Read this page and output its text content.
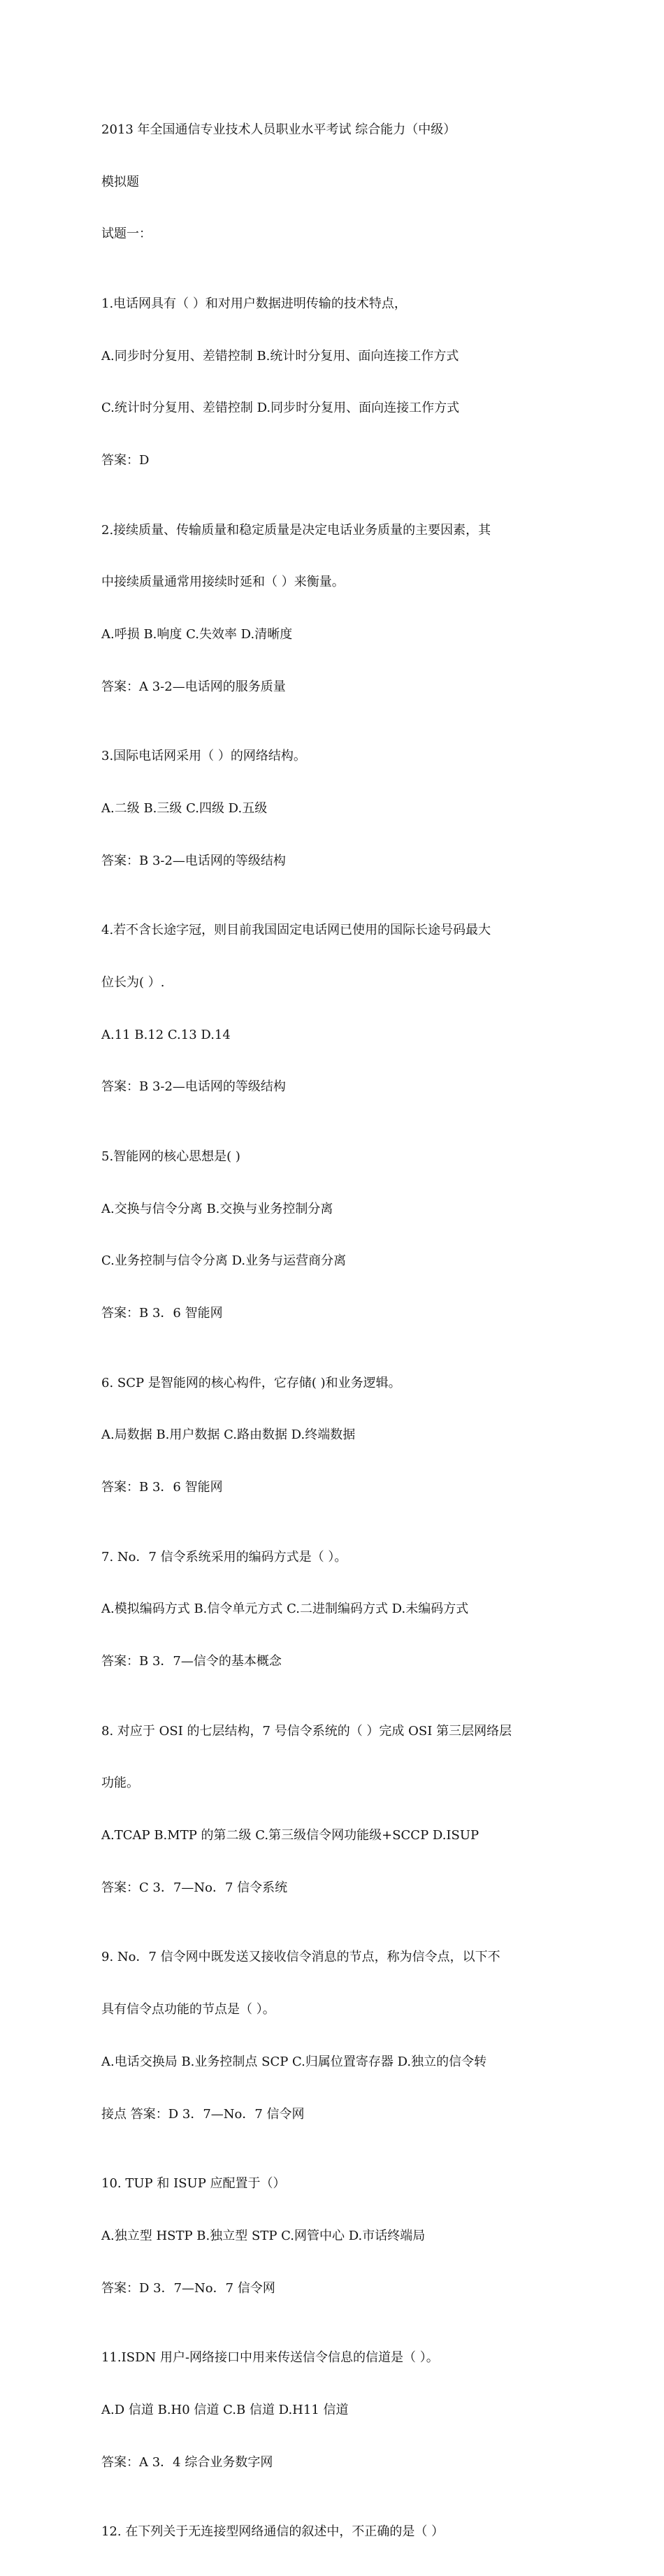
2013 年全国通信专业技术人员职业水平考试 综合能力（中级）

模拟题

试题一：

1.电话网具有（ ）和对用户数据进明传输的技术特点，

A.同步时分复用、差错控制 B.统计时分复用、面向连接工作方式

C.统计时分复用、差错控制 D.同步时分复用、面向连接工作方式

答案：D

2.接续质量、传输质量和稳定质量是决定电话业务质量的主要因素，其

中接续质量通常用接续时延和（ ）来衡量。

A.呼损 B.响度 C.失效率 D.清晰度

答案：A 3-2—电话网的服务质量

3.国际电话网采用（ ）的网络结构。

A.二级 B.三级 C.四级 D.五级

答案：B 3-2—电话网的等级结构

4.若不含长途字冠，则目前我国固定电话网已使用的国际长途号码最大

位长为( ）.

A.11 B.12 C.13 D.14

答案：B 3-2—电话网的等级结构

5.智能网的核心思想是( )

A.交换与信令分离 B.交换与业务控制分离

C.业务控制与信令分离 D.业务与运营商分离

答案：B 3．6 智能网

6. SCP 是智能网的核心构件，它存储( )和业务逻辑。

A.局数据 B.用户数据 C.路由数据 D.终端数据

答案：B 3．6 智能网

7. No．7 信令系统采用的编码方式是（ ）。

A.模拟编码方式 B.信令单元方式 C.二进制编码方式 D.未编码方式

答案：B 3．7—信令的基本概念

8. 对应于 OSI 的七层结构，7 号信令系统的（ ）完成 OSI 第三层网络层

功能。

A.TCAP B.MTP 的第二级 C.第三级信令网功能级+SCCP D.ISUP

答案：C 3．7—No．7 信令系统

9. No．7 信令网中既发送又接收信令消息的节点，称为信令点，以下不

具有信令点功能的节点是（ ）。

A.电话交换局 B.业务控制点 SCP C.归属位置寄存器 D.独立的信令转

接点 答案：D 3．7—No．7 信令网

10. TUP 和 ISUP 应配置于（）

A.独立型 HSTP B.独立型 STP C.网管中心 D.市话终端局

答案：D 3．7—No．7 信令网

11.ISDN 用户-网络接口中用来传送信令信息的信道是（ ）。

A.D 信道 B.H0 信道 C.B 信道 D.H11 信道

答案：A 3．4 综合业务数字网

12. 在下列关于无连接型网络通信的叙述中，不正确的是（ ）
